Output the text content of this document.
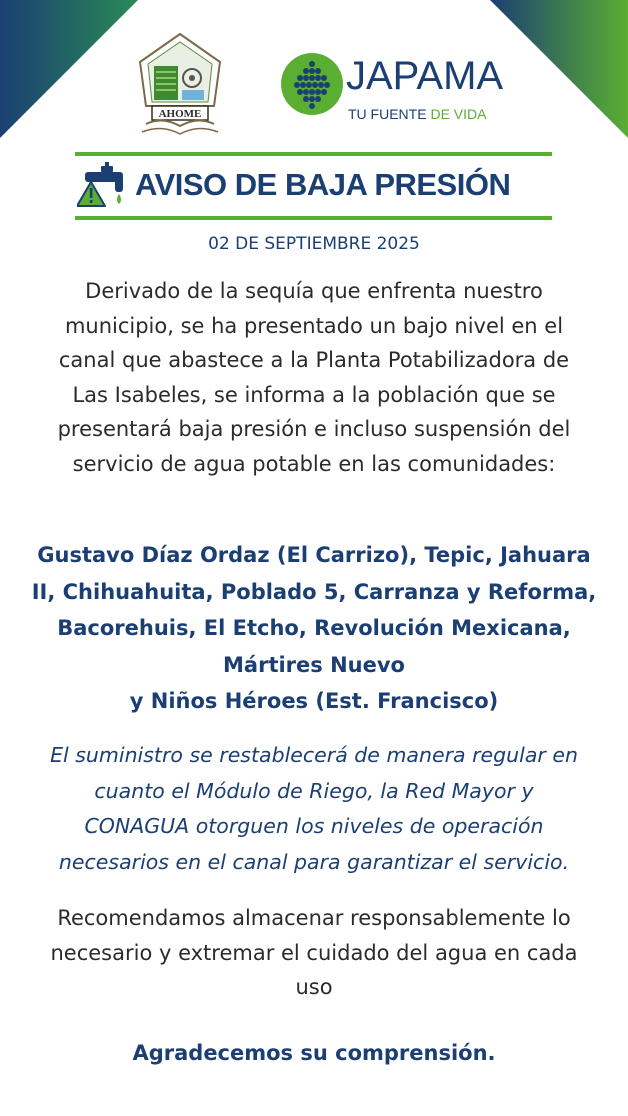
AHOME
JAPAMA
TU FUENTE DE VIDA
AVISO DE BAJA PRESIÓN
02 DE SEPTIEMBRE 2025
Derivado de la sequía que enfrenta nuestro municipio, se ha presentado un bajo nivel en el canal que abastece a la Planta Potabilizadora de Las Isabeles, se informa a la población que se presentará baja presión e incluso suspensión del servicio de agua potable en las comunidades:
Gustavo Díaz Ordaz (El Carrizo), Tepic, Jahuara II, Chihuahuita, Poblado 5, Carranza y Reforma, Bacorehuis, El Etcho, Revolución Mexicana, Mártires Nuevo
y Niños Héroes (Est. Francisco)
El suministro se restablecerá de manera regular en cuanto el Módulo de Riego, la Red Mayor y CONAGUA otorguen los niveles de operación necesarios en el canal para garantizar el servicio.
Recomendamos almacenar responsablemente lo necesario y extremar el cuidado del agua en cada uso
Agradecemos su comprensión.
